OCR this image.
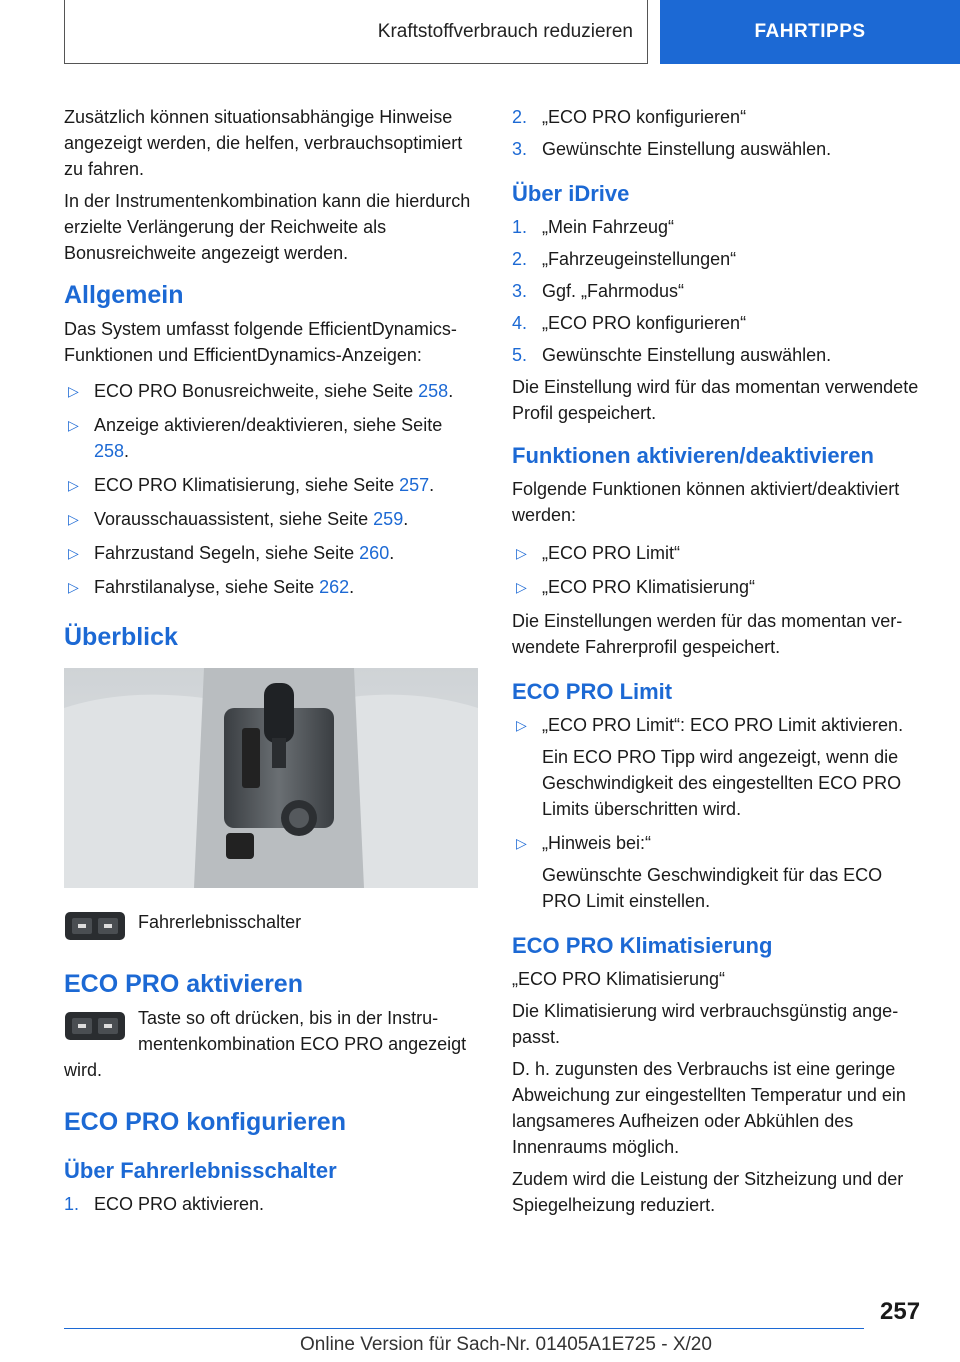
Kraftstoffverbrauch reduzieren	FAHRTIPPS

Zusätzlich können situationsabhängige Hinweise angezeigt werden, die helfen, verbrauchsoptimiert zu fahren.

In der Instrumentenkombination kann die hierdurch erzielte Verlängerung der Reichweite als Bonusreichweite angezeigt werden.

Allgemein

Das System umfasst folgende EfficientDynamics-Funktionen und EfficientDynamics-Anzeigen:

▷ ECO PRO Bonusreichweite, siehe Seite 258.
▷ Anzeige aktivieren/deaktivieren, siehe Seite 258.
▷ ECO PRO Klimatisierung, siehe Seite 257.
▷ Vorausschauassistent, siehe Seite 259.
▷ Fahrzustand Segeln, siehe Seite 260.
▷ Fahrstilanalyse, siehe Seite 262.
Überblick
Fahrerlebnisschalter
ECO PRO aktivieren

Taste so oft drücken, bis in der Instrumentenkombination ECO PRO angezeigt wird.

ECO PRO konfigurieren
Über Fahrerlebnisschalter
1. ECO PRO aktivieren.
2. „ECO PRO konfigurieren“
3. Gewünschte Einstellung auswählen.
Über iDrive
1. „Mein Fahrzeug“
2. „Fahrzeugeinstellungen“
3. Ggf. „Fahrmodus“
4. „ECO PRO konfigurieren“
5. Gewünschte Einstellung auswählen.

Die Einstellung wird für das momentan verwendete Profil gespeichert.

Funktionen aktivieren/deaktivieren

Folgende Funktionen können aktiviert/deaktiviert werden:

▷ „ECO PRO Limit“
▷ „ECO PRO Klimatisierung“

Die Einstellungen werden für das momentan verwendete Fahrerprofil gespeichert.

ECO PRO Limit
▷ „ECO PRO Limit“: ECO PRO Limit aktivieren.

Ein ECO PRO Tipp wird angezeigt, wenn die Geschwindigkeit des eingestellten ECO PRO Limits überschritten wird.

▷ „Hinweis bei:“

Gewünschte Geschwindigkeit für das ECO PRO Limit einstellen.

ECO PRO Klimatisierung

„ECO PRO Klimatisierung“

Die Klimatisierung wird verbrauchsgünstig angepasst.

D. h. zugunsten des Verbrauchs ist eine geringe Abweichung zur eingestellten Temperatur und ein langsameres Aufheizen oder Abkühlen des Innenraums möglich.

Zudem wird die Leistung der Sitzheizung und der Spiegelheizung reduziert.

257
Online Version für Sach-Nr. 01405A1E725 - X/20
